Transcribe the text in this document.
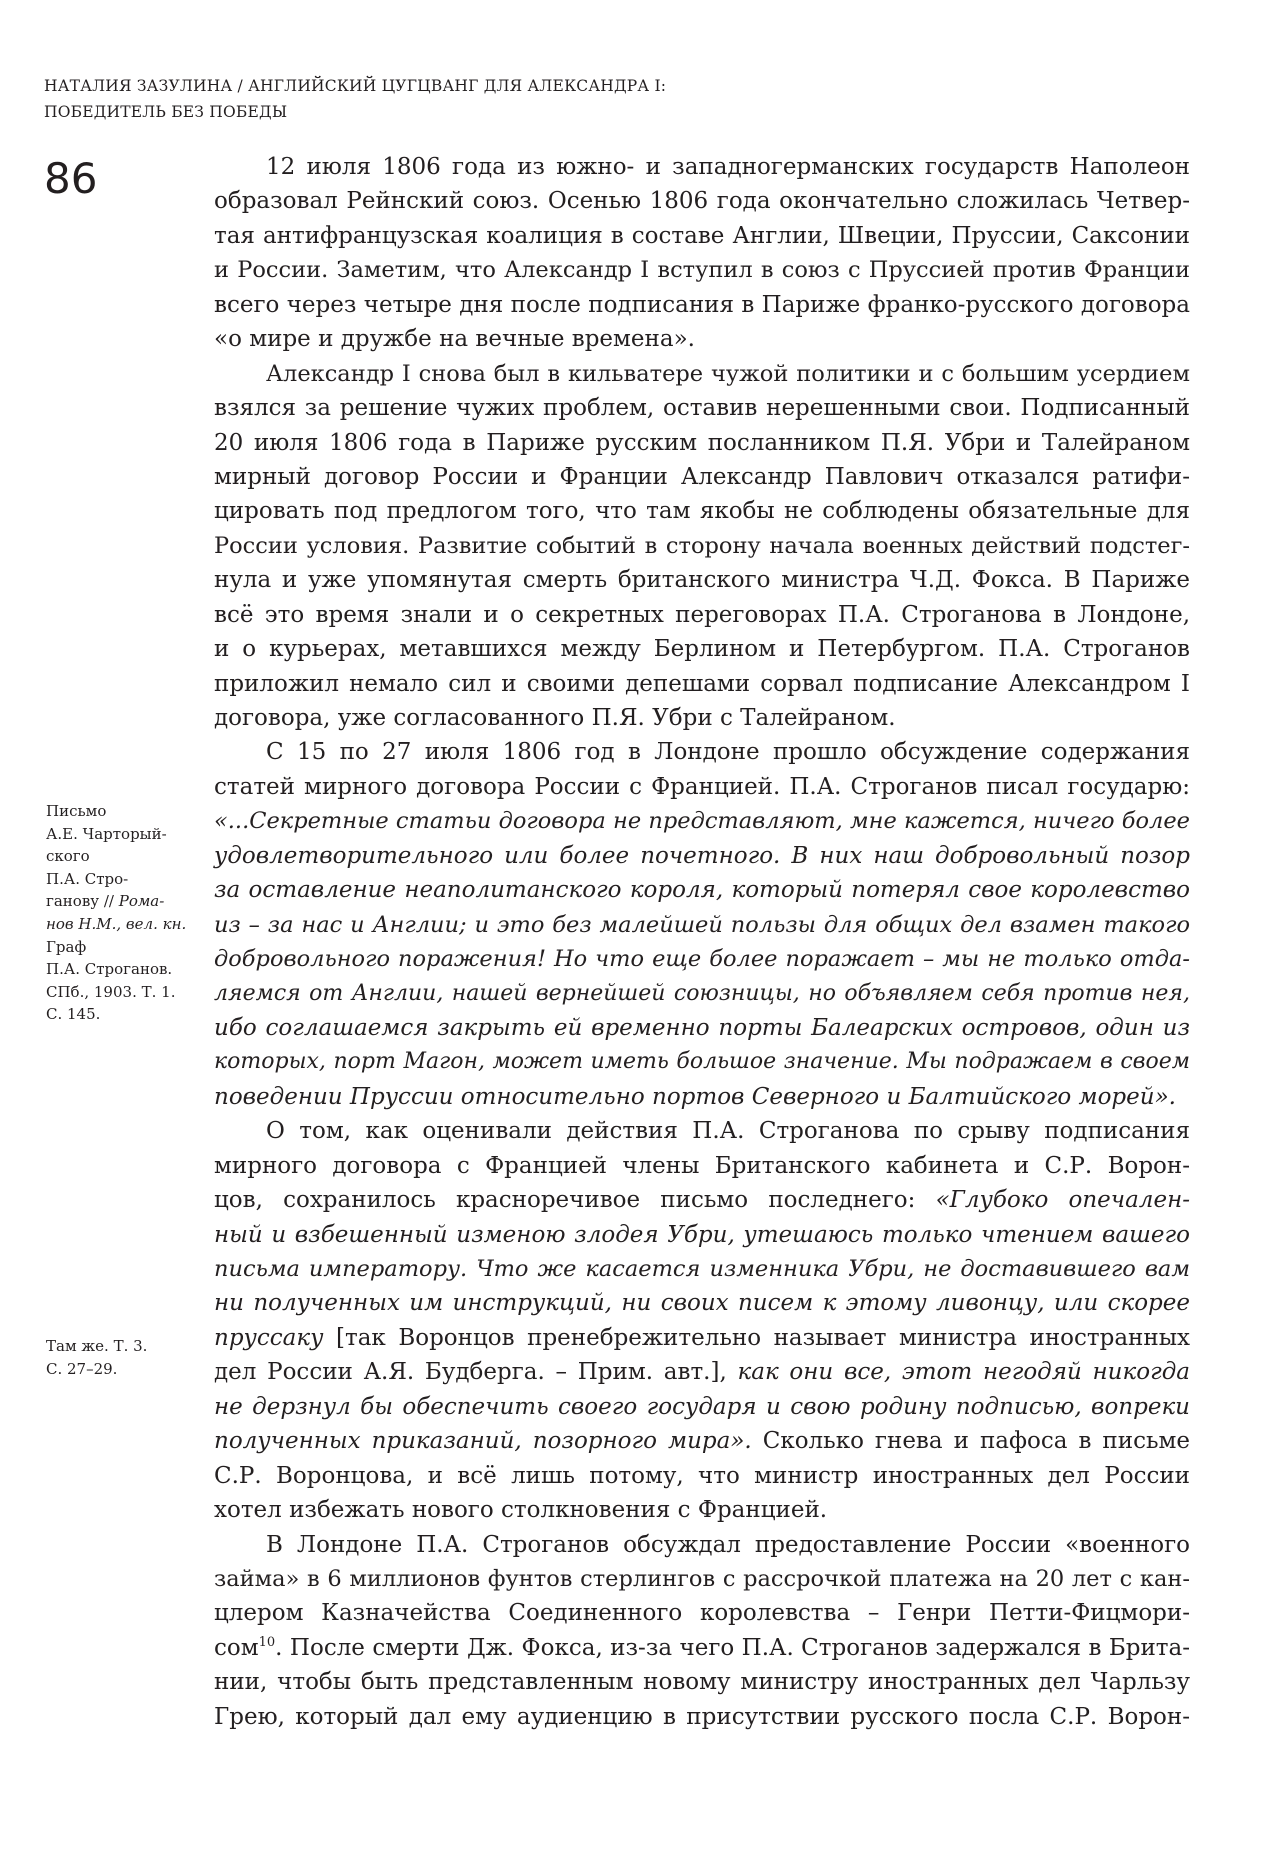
НАТАЛИЯ ЗАЗУЛИНА / АНГЛИЙСКИЙ ЦУГЦВАНГ ДЛЯ АЛЕКСАНДРА I:
ПОБЕДИТЕЛЬ БЕЗ ПОБЕДЫ
86
Письмо
А.Е. Чарторый-
ского
П.А. Стро-
ганову // Рома-
нов Н.М., вел. кн.
Граф
П.А. Строганов.
СПб., 1903. Т. 1.
С. 145.
Там же. Т. 3.
С. 27–29.
12 июля 1806 года из южно- и западногерманских государств Наполеон
образовал Рейнский союз. Осенью 1806 года окончательно сложилась Четвер-
тая антифранцузская коалиция в составе Англии, Швеции, Пруссии, Саксонии
и России. Заметим, что Александр I вступил в союз с Пруссией против Франции
всего через четыре дня после подписания в Париже франко-русского договора
«о мире и дружбе на вечные времена».
Александр I снова был в кильватере чужой политики и с большим усердием
взялся за решение чужих проблем, оставив нерешенными свои. Подписанный
20 июля 1806 года в Париже русским посланником П.Я. Убри и Талейраном
мирный договор России и Франции Александр Павлович отказался ратифи-
цировать под предлогом того, что там якобы не соблюдены обязательные для
России условия. Развитие событий в сторону начала военных действий подстег-
нула и уже упомянутая смерть британского министра Ч.Д. Фокса. В Париже
всё это время знали и о секретных переговорах П.А. Строганова в Лондоне,
и о курьерах, метавшихся между Берлином и Петербургом. П.А. Строганов
приложил немало сил и своими депешами сорвал подписание Александром I
договора, уже согласованного П.Я. Убри с Талейраном.
С 15 по 27 июля 1806 год в Лондоне прошло обсуждение содержания
статей мирного договора России с Францией. П.А. Строганов писал государю:
«...Секретные статьи договора не представляют, мне кажется, ничего более
удовлетворительного или более почетного. В них наш добровольный позор
за оставление неаполитанского короля, который потерял свое королевство
из – за нас и Англии; и это без малейшей пользы для общих дел взамен такого
добровольного поражения! Но что еще более поражает – мы не только отда-
ляемся от Англии, нашей вернейшей союзницы, но объявляем себя против нея,
ибо соглашаемся закрыть ей временно порты Балеарских островов, один из
которых, порт Магон, может иметь большое значение. Мы подражаем в своем
поведении Пруссии относительно портов Северного и Балтийского морей».
О том, как оценивали действия П.А. Строганова по срыву подписания
мирного договора с Францией члены Британского кабинета и С.Р. Ворон-
цов, сохранилось красноречивое письмо последнего: «Глубоко опечален-
ный и взбешенный изменою злодея Убри, утешаюсь только чтением вашего
письма императору. Что же касается изменника Убри, не доставившего вам
ни полученных им инструкций, ни своих писем к этому ливонцу, или скорее
пруссаку [так Воронцов пренебрежительно называет министра иностранных
дел России А.Я. Будберга. – Прим. авт.], как они все, этот негодяй никогда
не дерзнул бы обеспечить своего государя и свою родину подписью, вопреки
полученных приказаний, позорного мира». Сколько гнева и пафоса в письме
С.Р. Воронцова, и всё лишь потому, что министр иностранных дел России
хотел избежать нового столкновения с Францией.
В Лондоне П.А. Строганов обсуждал предоставление России «военного
займа» в 6 миллионов фунтов стерлингов с рассрочкой платежа на 20 лет с кан-
цлером Казначейства Соединенного королевства – Генри Петти-Фицмори-
сом$^{10}$. После смерти Дж. Фокса, из-за чего П.А. Строганов задержался в Брита-
нии, чтобы быть представленным новому министру иностранных дел Чарльзу
Грею, который дал ему аудиенцию в присутствии русского посла С.Р. Ворон-
